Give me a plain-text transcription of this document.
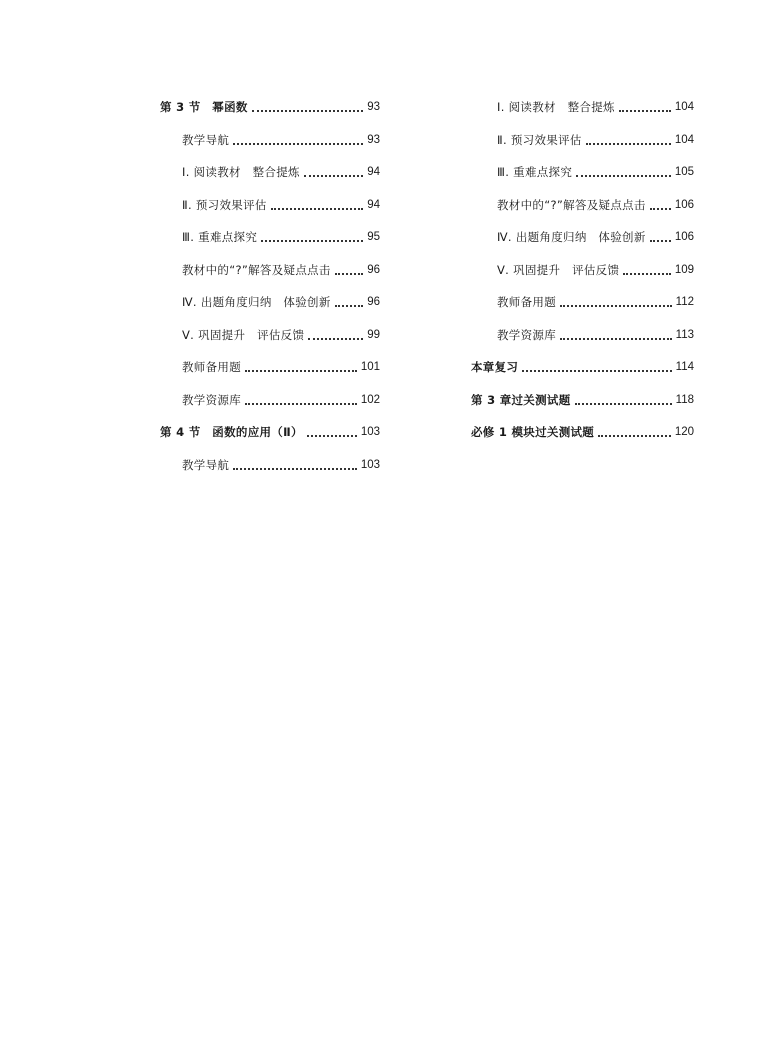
第 3 节　幂函数	93
教学导航	93
Ⅰ. 阅读教材　整合提炼	94
Ⅱ. 预习效果评估	94
Ⅲ. 重难点探究	95
教材中的“?”解答及疑点点击	96
Ⅳ. 出题角度归纳　体验创新	96
Ⅴ. 巩固提升　评估反馈	99
教师备用题	101
教学资源库	102
第 4 节　函数的应用（Ⅱ）	103
教学导航	103
Ⅰ. 阅读教材　整合提炼	104
Ⅱ. 预习效果评估	104
Ⅲ. 重难点探究	105
教材中的“?”解答及疑点点击	106
Ⅳ. 出题角度归纳　体验创新	106
Ⅴ. 巩固提升　评估反馈	109
教师备用题	112
教学资源库	113
本章复习	114
第 3 章过关测试题	118
必修 1 模块过关测试题	120
